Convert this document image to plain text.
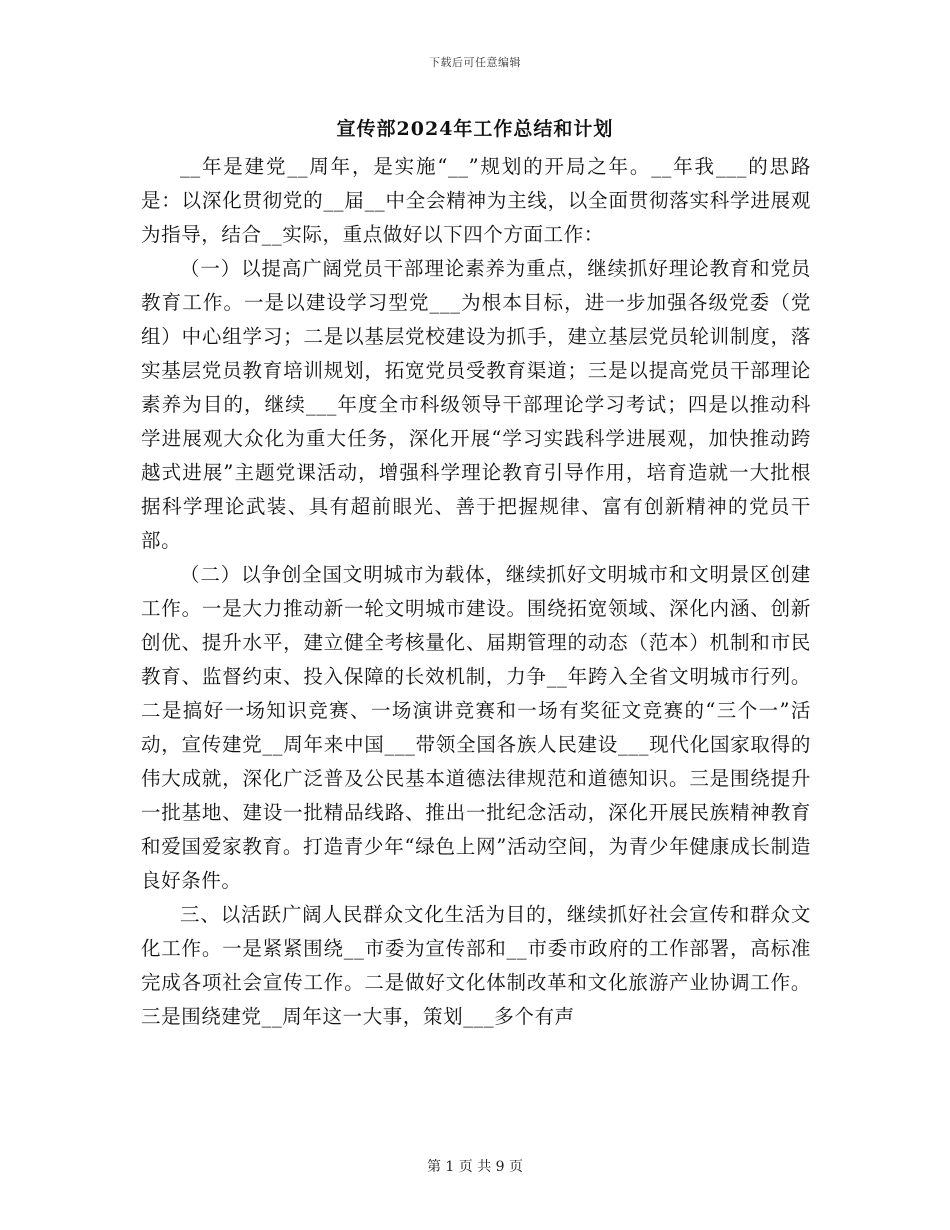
下载后可任意编辑
宣传部2024年工作总结和计划

__年是建党__周年，是实施“__”规划的开局之年。__年我___的思路是：以深化贯彻党的__届__中全会精神为主线，以全面贯彻落实科学进展观为指导，结合__实际，重点做好以下四个方面工作：

（一）以提高广阔党员干部理论素养为重点，继续抓好理论教育和党员教育工作。一是以建设学习型党___为根本目标，进一步加强各级党委（党组）中心组学习；二是以基层党校建设为抓手，建立基层党员轮训制度，落实基层党员教育培训规划，拓宽党员受教育渠道；三是以提高党员干部理论素养为目的，继续___年度全市科级领导干部理论学习考试；四是以推动科学进展观大众化为重大任务，深化开展“学习实践科学进展观，加快推动跨越式进展”主题党课活动，增强科学理论教育引导作用，培育造就一大批根据科学理论武装、具有超前眼光、善于把握规律、富有创新精神的党员干部。

（二）以争创全国文明城市为载体，继续抓好文明城市和文明景区创建工作。一是大力推动新一轮文明城市建设。围绕拓宽领域、深化内涵、创新创优、提升水平，建立健全考核量化、届期管理的动态（范本）机制和市民教育、监督约束、投入保障的长效机制，力争__年跨入全省文明城市行列。二是搞好一场知识竞赛、一场演讲竞赛和一场有奖征文竞赛的“三个一”活动，宣传建党__周年来中国___带领全国各族人民建设___现代化国家取得的伟大成就，深化广泛普及公民基本道德法律规范和道德知识。三是围绕提升一批基地、建设一批精品线路、推出一批纪念活动，深化开展民族精神教育和爱国爱家教育。打造青少年“绿色上网”活动空间，为青少年健康成长制造良好条件。

三、以活跃广阔人民群众文化生活为目的，继续抓好社会宣传和群众文化工作。一是紧紧围绕__市委为宣传部和__市委市政府的工作部署，高标准完成各项社会宣传工作。二是做好文化体制改革和文化旅游产业协调工作。三是围绕建党__周年这一大事，策划___多个有声

第 1 页 共 9 页
